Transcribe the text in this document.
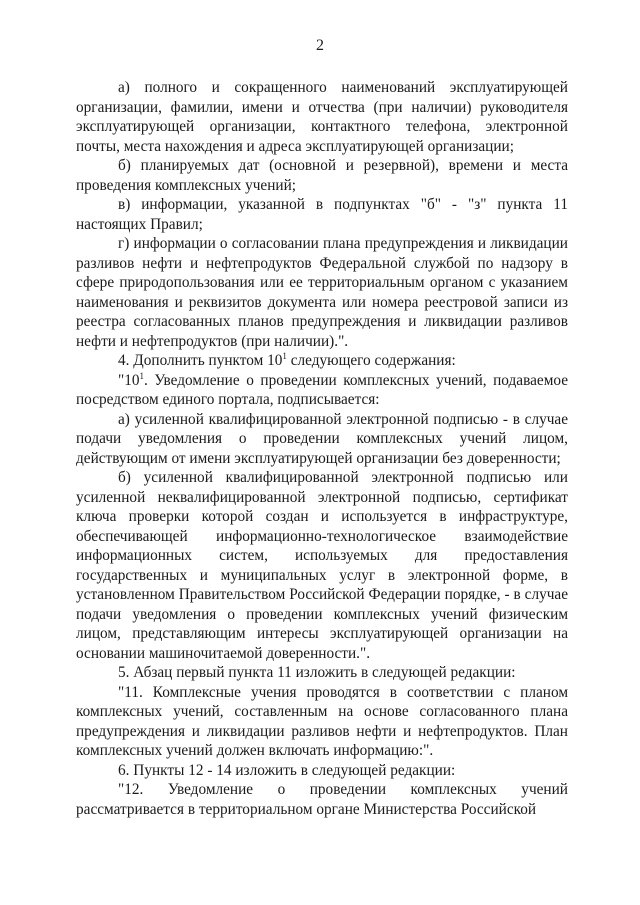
2

а) полного и сокращенного наименований эксплуатирующей организации, фамилии, имени и отчества (при наличии) руководителя эксплуатирующей организации, контактного телефона, электронной почты, места нахождения и адреса эксплуатирующей организации;

б) планируемых дат (основной и резервной), времени и места проведения комплексных учений;

в) информации, указанной в подпунктах "б" - "з" пункта 11 настоящих Правил;

г) информации о согласовании плана предупреждения и ликвидации разливов нефти и нефтепродуктов Федеральной службой по надзору в сфере природопользования или ее территориальным органом с указанием наименования и реквизитов документа или номера реестровой записи из реестра согласованных планов предупреждения и ликвидации разливов нефти и нефтепродуктов (при наличии).".

4. Дополнить пунктом $10^1$ следующего содержания:

"$10^1$. Уведомление о проведении комплексных учений, подаваемое посредством единого портала, подписывается:

а) усиленной квалифицированной электронной подписью - в случае подачи уведомления о проведении комплексных учений лицом, действующим от имени эксплуатирующей организации без доверенности;

б) усиленной квалифицированной электронной подписью или усиленной неквалифицированной электронной подписью, сертификат ключа проверки которой создан и используется в инфраструктуре, обеспечивающей информационно-технологическое взаимодействие информационных систем, используемых для предоставления государственных и муниципальных услуг в электронной форме, в установленном Правительством Российской Федерации порядке, - в случае подачи уведомления о проведении комплексных учений физическим лицом, представляющим интересы эксплуатирующей организации на основании машиночитаемой доверенности.".

5. Абзац первый пункта 11 изложить в следующей редакции:

"11. Комплексные учения проводятся в соответствии с планом комплексных учений, составленным на основе согласованного плана предупреждения и ликвидации разливов нефти и нефтепродуктов. План комплексных учений должен включать информацию:".

6. Пункты 12 - 14 изложить в следующей редакции:

"12. Уведомление о проведении комплексных учений рассматривается в территориальном органе Министерства Российской
